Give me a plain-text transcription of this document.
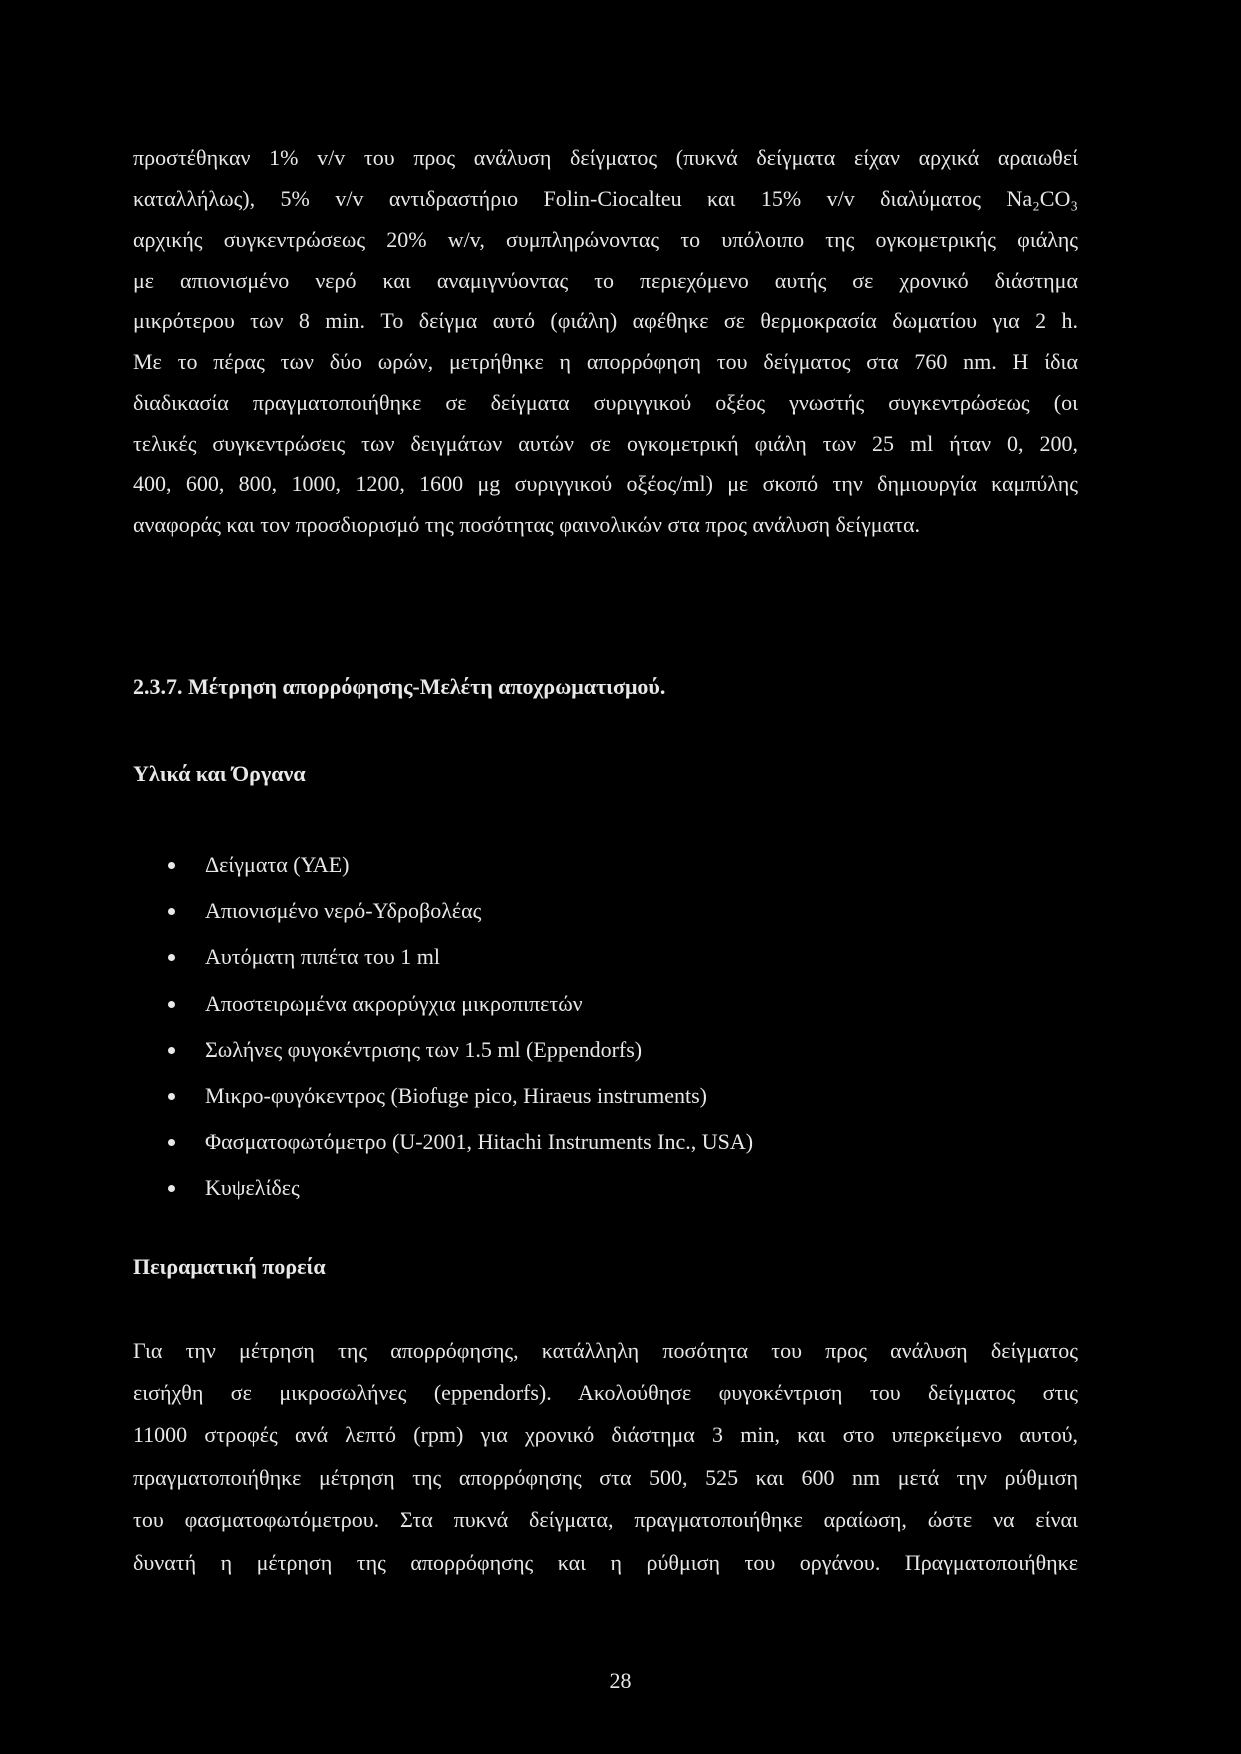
προστέθηκαν 1% v/v του προς ανάλυση δείγματος (πυκνά δείγματα είχαν αρχικά αραιωθεί
καταλλήλως), 5% v/v αντιδραστήριο Folin-Ciocalteu και 15% v/v διαλύματος Na₂CO₃
αρχικής συγκεντρώσεως 20% w/v, συμπληρώνοντας το υπόλοιπο της ογκομετρικής φιάλης
με απιονισμένο νερό και αναμιγνύοντας το περιεχόμενο αυτής σε χρονικό διάστημα
μικρότερου των 8 min. Το δείγμα αυτό (φιάλη) αφέθηκε σε θερμοκρασία δωματίου για 2 h.
Με το πέρας των δύο ωρών, μετρήθηκε η απορρόφηση του δείγματος στα 760 nm. Η ίδια
διαδικασία πραγματοποιήθηκε σε δείγματα συριγγικού οξέος γνωστής συγκεντρώσεως (οι
τελικές συγκεντρώσεις των δειγμάτων αυτών σε ογκομετρική φιάλη των 25 ml ήταν 0, 200,
400, 600, 800, 1000, 1200, 1600 μg συριγγικού οξέος/ml) με σκοπό την δημιουργία καμπύλης
αναφοράς και τον προσδιορισμό της ποσότητας φαινολικών στα προς ανάλυση δείγματα.
2.3.7. Μέτρηση απορρόφησης-Μελέτη αποχρωματισμού.
Υλικά και Όργανα
Δείγματα (ΥΑΕ)
Απιονισμένο νερό-Υδροβολέας
Αυτόματη πιπέτα του 1 ml
Αποστειρωμένα ακρορύγχια μικροπιπετών
Σωλήνες φυγοκέντρισης των 1.5 ml (Eppendorfs)
Μικρο-φυγόκεντρος (Biofuge pico, Hiraeus instruments)
Φασματοφωτόμετρο (U-2001, Hitachi Instruments Inc., USA)
Κυψελίδες
Πειραματική πορεία
Για την μέτρηση της απορρόφησης, κατάλληλη ποσότητα του προς ανάλυση δείγματος
εισήχθη σε μικροσωλήνες (eppendorfs). Ακολούθησε φυγοκέντριση του δείγματος στις
11000 στροφές ανά λεπτό (rpm) για χρονικό διάστημα 3 min, και στο υπερκείμενο αυτού,
πραγματοποιήθηκε μέτρηση της απορρόφησης στα 500, 525 και 600 nm μετά την ρύθμιση
του φασματοφωτόμετρου. Στα πυκνά δείγματα, πραγματοποιήθηκε αραίωση, ώστε να είναι
δυνατή η μέτρηση της απορρόφησης και η ρύθμιση του οργάνου. Πραγματοποιήθηκε
28
